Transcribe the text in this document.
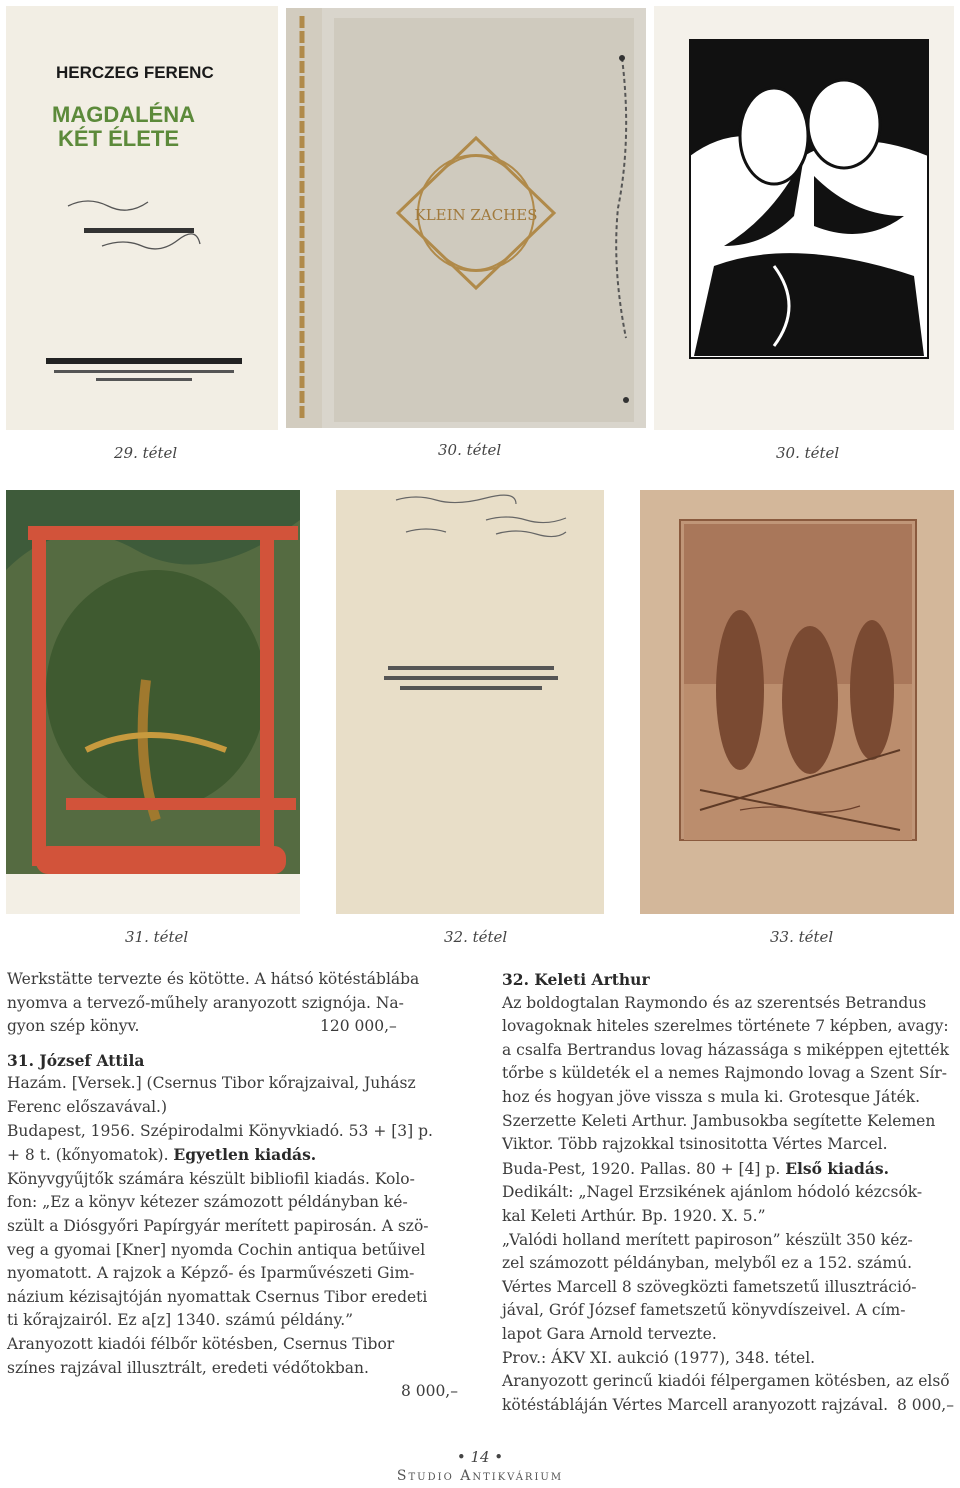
HERCZEG FERENC
MAGDALÉNA
KÉT ÉLETE
KLEIN ZACHES
29. tétel	30. tétel	30. tétel
31. tétel	32. tétel	33. tétel

Werkstätte tervezte és kötötte. A hátsó kötéstáblába

nyomva a tervező-műhely aranyozott szignója. Na-

gyon szép könyv.	120 000,–

31. József Attila

Hazám. [Versek.] (Csernus Tibor kőrajzaival, Juhász

Ferenc előszavával.)

Budapest, 1956. Szépirodalmi Könyvkiadó. 53 + [3] p.

+ 8 t. (kőnyomatok). Egyetlen kiadás.

Könyvgyűjtők számára készült bibliofil kiadás. Kolo-

fon: „Ez a könyv kétezer számozott példányban ké-

szült a Diósgyőri Papírgyár merített papirosán. A szö-

veg a gyomai [Kner] nyomda Cochin antiqua betűivel

nyomatott. A rajzok a Képző- és Iparművészeti Gim-

názium kézisajtóján nyomattak Csernus Tibor eredeti

ti kőrajzairól. Ez a[z] 1340. számú példány.”

Aranyozott kiadói félbőr kötésben, Csernus Tibor

színes rajzával illusztrált, eredeti védőtokban.

8 000,–

32. Keleti Arthur

Az boldogtalan Raymondo és az szerentsés Betrandus

lovagoknak hiteles szerelmes története 7 képben, avagy:

a csalfa Bertrandus lovag házassága s miképpen ejtették

tőrbe s küldeték el a nemes Rajmondo lovag a Szent Sír-

hoz és hogyan jöve vissza s mula ki. Grotesque Játék.

Szerzette Keleti Arthur. Jambusokba segítette Kelemen

Viktor. Több rajzokkal tsinositotta Vértes Marcel.

Buda-Pest, 1920. Pallas. 80 + [4] p. Első kiadás.

Dedikált: „Nagel Erzsikének ajánlom hódoló kézcsók-

kal Keleti Arthúr. Bp. 1920. X. 5.”

„Valódi holland merített papiroson” készült 350 kéz-

zel számozott példányban, melyből ez a 152. számú.

Vértes Marcell 8 szövegközti fametszetű illusztráció-

jával, Gróf József fametszetű könyvdíszeivel. A cím-

lapot Gara Arnold tervezte.

Prov.: ÁKV XI. aukció (1977), 348. tétel.

Aranyozott gerincű kiadói félpergamen kötésben, az első

kötéstábláján Vértes Marcell aranyozott rajzával. 8 000,–

• 14 •
Studio Antikvárium
